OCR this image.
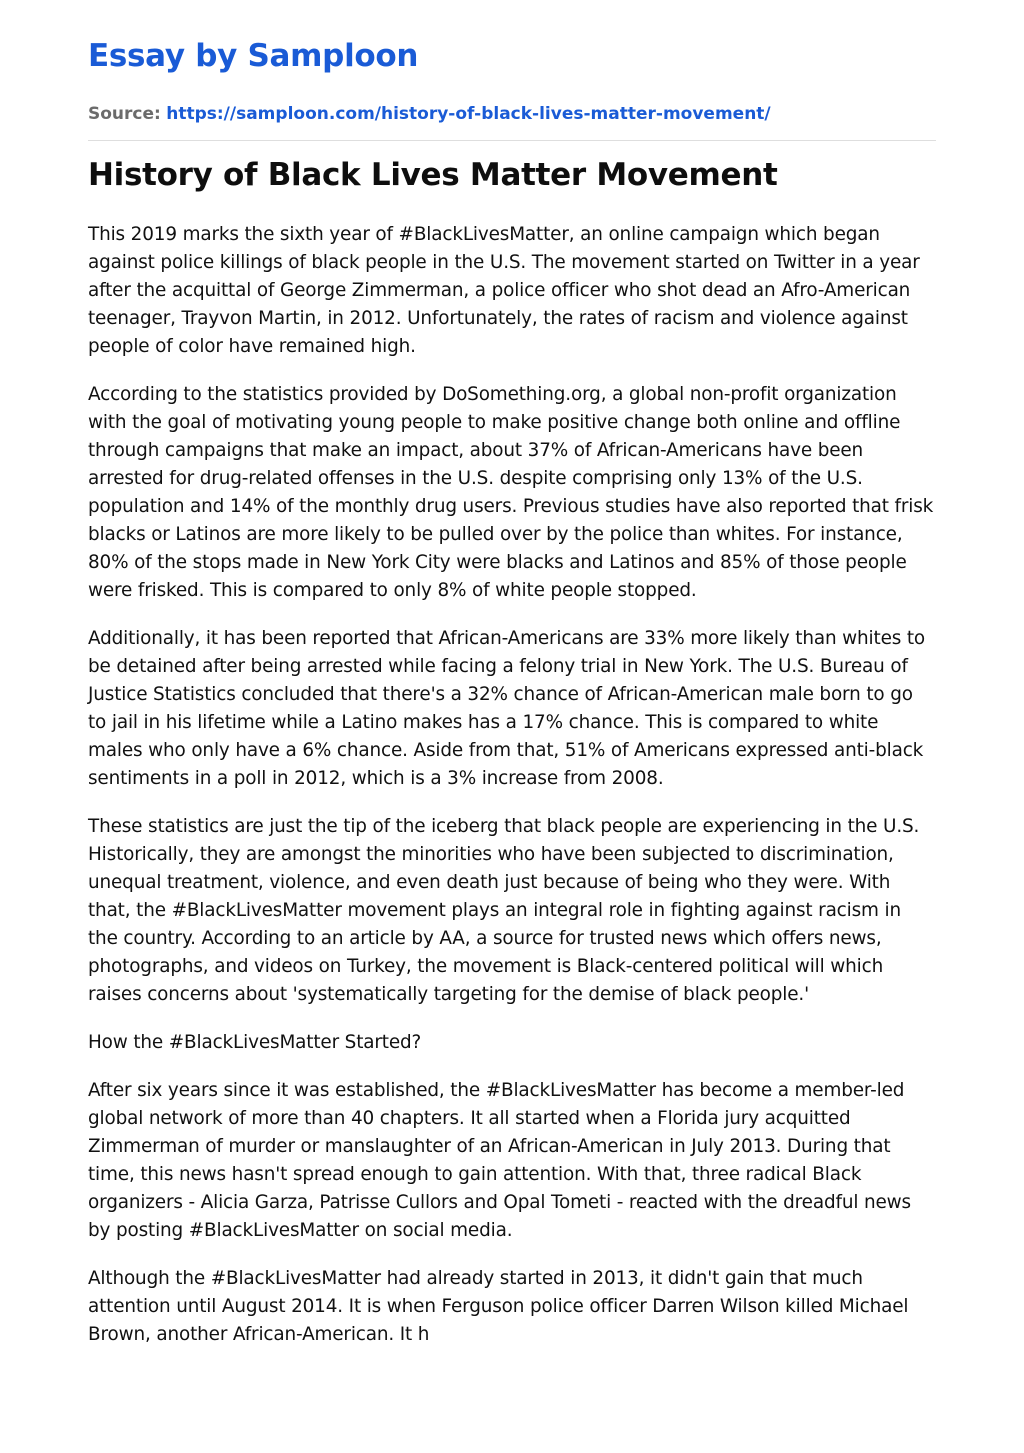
Essay by Samploon
Source: https://samploon.com/history-of-black-lives-matter-movement/
History of Black Lives Matter Movement

This 2019 marks the sixth year of #BlackLivesMatter, an online campaign which began against police killings of black people in the U.S. The movement started on Twitter in a year after the acquittal of George Zimmerman, a police officer who shot dead an Afro-American teenager, Trayvon Martin, in 2012. Unfortunately, the rates of racism and violence against people of color have remained high.

According to the statistics provided by DoSomething.org, a global non-profit organization with the goal of motivating young people to make positive change both online and offline through campaigns that make an impact, about 37% of African-Americans have been arrested for drug-related offenses in the U.S. despite comprising only 13% of the U.S. population and 14% of the monthly drug users. Previous studies have also reported that frisk blacks or Latinos are more likely to be pulled over by the police than whites. For instance, 80% of the stops made in New York City were blacks and Latinos and 85% of those people were frisked. This is compared to only 8% of white people stopped.

Additionally, it has been reported that African-Americans are 33% more likely than whites to be detained after being arrested while facing a felony trial in New York. The U.S. Bureau of Justice Statistics concluded that there's a 32% chance of African-American male born to go to jail in his lifetime while a Latino makes has a 17% chance. This is compared to white males who only have a 6% chance. Aside from that, 51% of Americans expressed anti-black sentiments in a poll in 2012, which is a 3% increase from 2008.

These statistics are just the tip of the iceberg that black people are experiencing in the U.S. Historically, they are amongst the minorities who have been subjected to discrimination, unequal treatment, violence, and even death just because of being who they were. With that, the #BlackLivesMatter movement plays an integral role in fighting against racism in the country. According to an article by AA, a source for trusted news which offers news, photographs, and videos on Turkey, the movement is Black-centered political will which raises concerns about 'systematically targeting for the demise of black people.'

How the #BlackLivesMatter Started?

After six years since it was established, the #BlackLivesMatter has become a member-led global network of more than 40 chapters. It all started when a Florida jury acquitted Zimmerman of murder or manslaughter of an African-American in July 2013. During that time, this news hasn't spread enough to gain attention. With that, three radical Black organizers - Alicia Garza, Patrisse Cullors and Opal Tometi - reacted with the dreadful news by posting #BlackLivesMatter on social media.

Although the #BlackLivesMatter had already started in 2013, it didn't gain that much attention until August 2014. It is when Ferguson police officer Darren Wilson killed Michael Brown, another African-American. It h
